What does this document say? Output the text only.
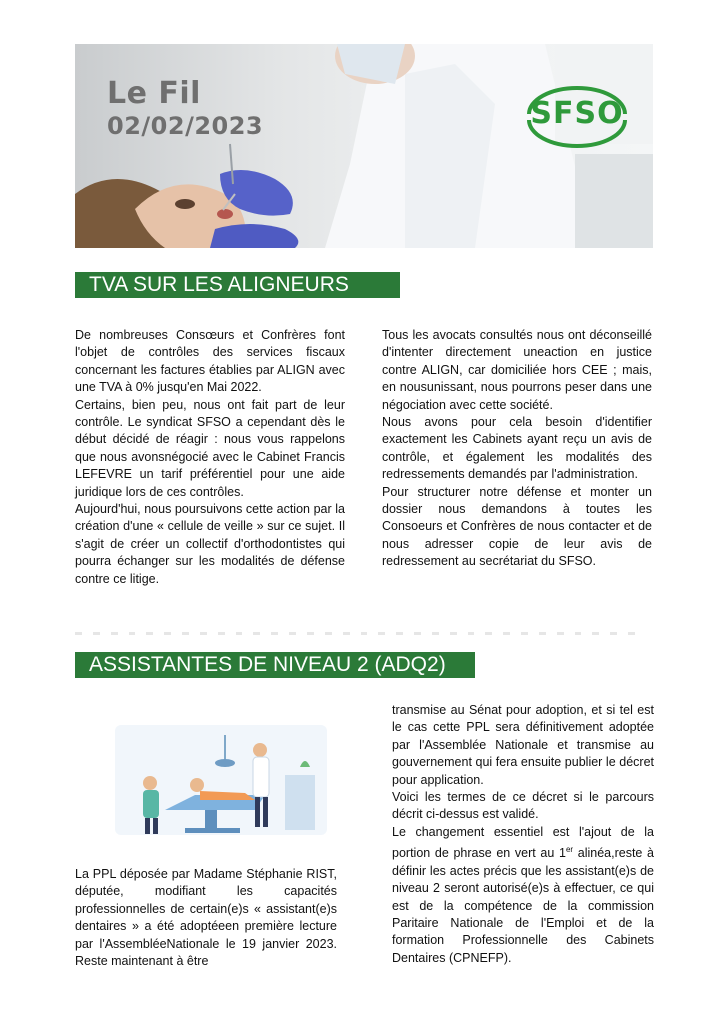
Le Fil
02/02/2023	SFSO
TVA SUR LES ALIGNEURS

De nombreuses Consœurs et Confrères font l'objet de contrôles des services fiscaux concernant les factures établies par ALIGN avec une TVA à 0% jusqu'en Mai 2022.

Certains, bien peu, nous ont fait part de leur contrôle. Le syndicat SFSO a cependant dès le début décidé de réagir : nous vous rappelons que nous avonsnégocié avec le Cabinet Francis LEFEVRE un tarif préférentiel pour une aide juridique lors de ces contrôles.

Aujourd'hui, nous poursuivons cette action par la création d'une « cellule de veille » sur ce sujet. Il s'agit de créer un collectif d'orthodontistes qui pourra échanger sur les modalités de défense contre ce litige.

Tous les avocats consultés nous ont déconseillé d'intenter directement uneaction en justice contre ALIGN, car domiciliée hors CEE ; mais, en nousunissant, nous pourrons peser dans une négociation avec cette société.

Nous avons pour cela besoin d'identifier exactement les Cabinets ayant reçu un avis de contrôle, et également les modalités des redressements demandés par l'administration.

Pour structurer notre défense et monter un dossier nous demandons à toutes les Consoeurs et Confrères de nous contacter et de nous adresser copie de leur avis de redressement au secrétariat du SFSO.

ASSISTANTES DE NIVEAU 2 (ADQ2)

La PPL déposée par Madame Stéphanie RIST, députée, modifiant les capacités professionnelles de certain(e)s « assistant(e)s dentaires » a été adoptéeen première lecture par l'AssembléeNationale le 19 janvier 2023. Reste maintenant à être

transmise au Sénat pour adoption, et si tel est le cas cette PPL sera définitivement adoptée par l'Assemblée Nationale et transmise au gouvernement qui fera ensuite publier le décret pour application.

Voici les termes de ce décret si le parcours décrit ci-dessus est validé.

Le changement essentiel est l'ajout de la portion de phrase en vert au 1er alinéa,reste à définir les actes précis que les assistant(e)s de niveau 2 seront autorisé(e)s à effectuer, ce qui est de la compétence de la commission Paritaire Nationale de l'Emploi et de la formation Professionnelle des Cabinets Dentaires (CPNEFP).
